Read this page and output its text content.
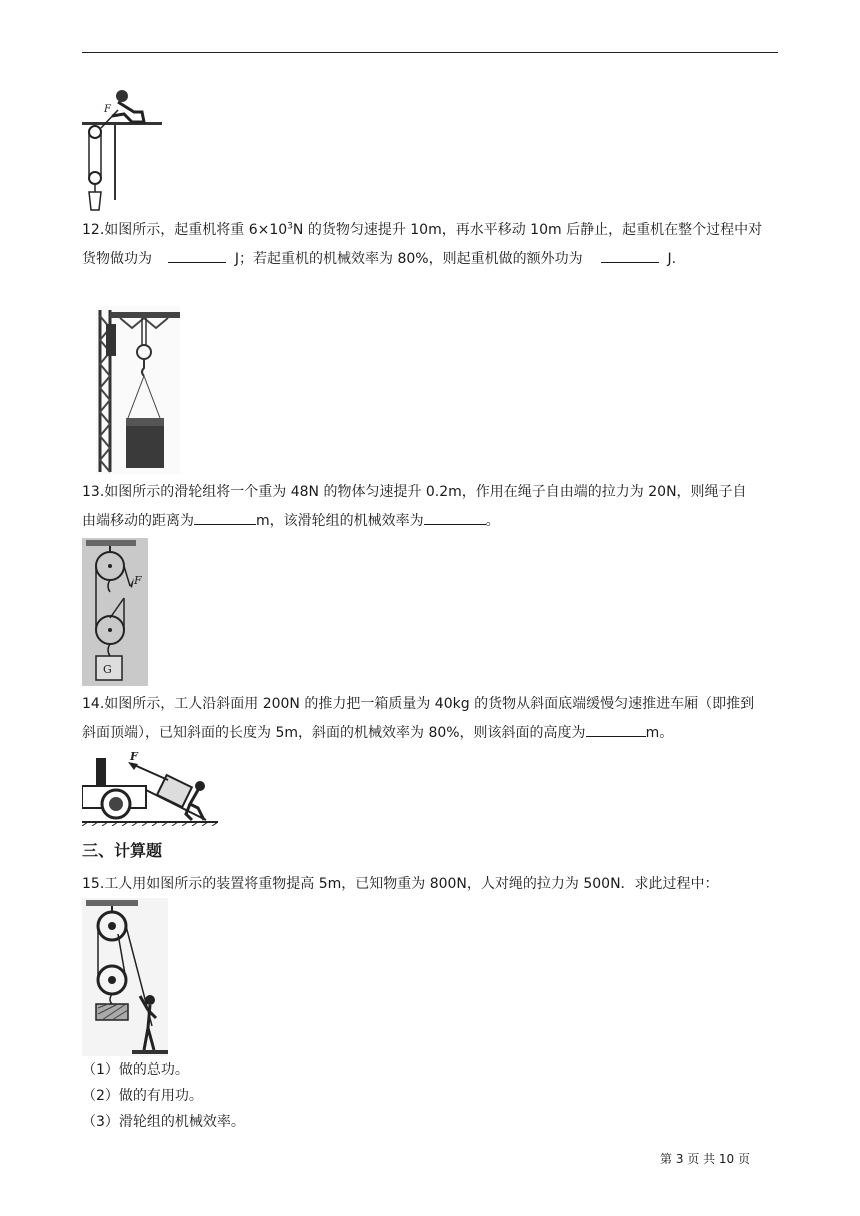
F
12.如图所示，起重机将重 $6\times 10^3N$ 的货物匀速提升 10m，再水平移动 10m 后静止，起重机在整个过程中对
货物做功为	J；若起重机的机械效率为 80%，则起重机做的额外功为	J.
13.如图所示的滑轮组将一个重为 48N 的物体匀速提升 0.2m，作用在绳子自由端的拉力为 20N，则绳子自
由端移动的距离为	m，该滑轮组的机械效率为	。
F
G
14.如图所示，工人沿斜面用 200N 的推力把一箱质量为 40kg 的货物从斜面底端缓慢匀速推进车厢（即推到
斜面顶端），已知斜面的长度为 5m，斜面的机械效率为 80%，则该斜面的高度为	m。
F
三、计算题
15.工人用如图所示的装置将重物提高 5m，已知物重为 800N，人对绳的拉力为 500N．求此过程中：
（1）做的总功。
（2）做的有用功。
（3）滑轮组的机械效率。
第 3 页 共 10 页
